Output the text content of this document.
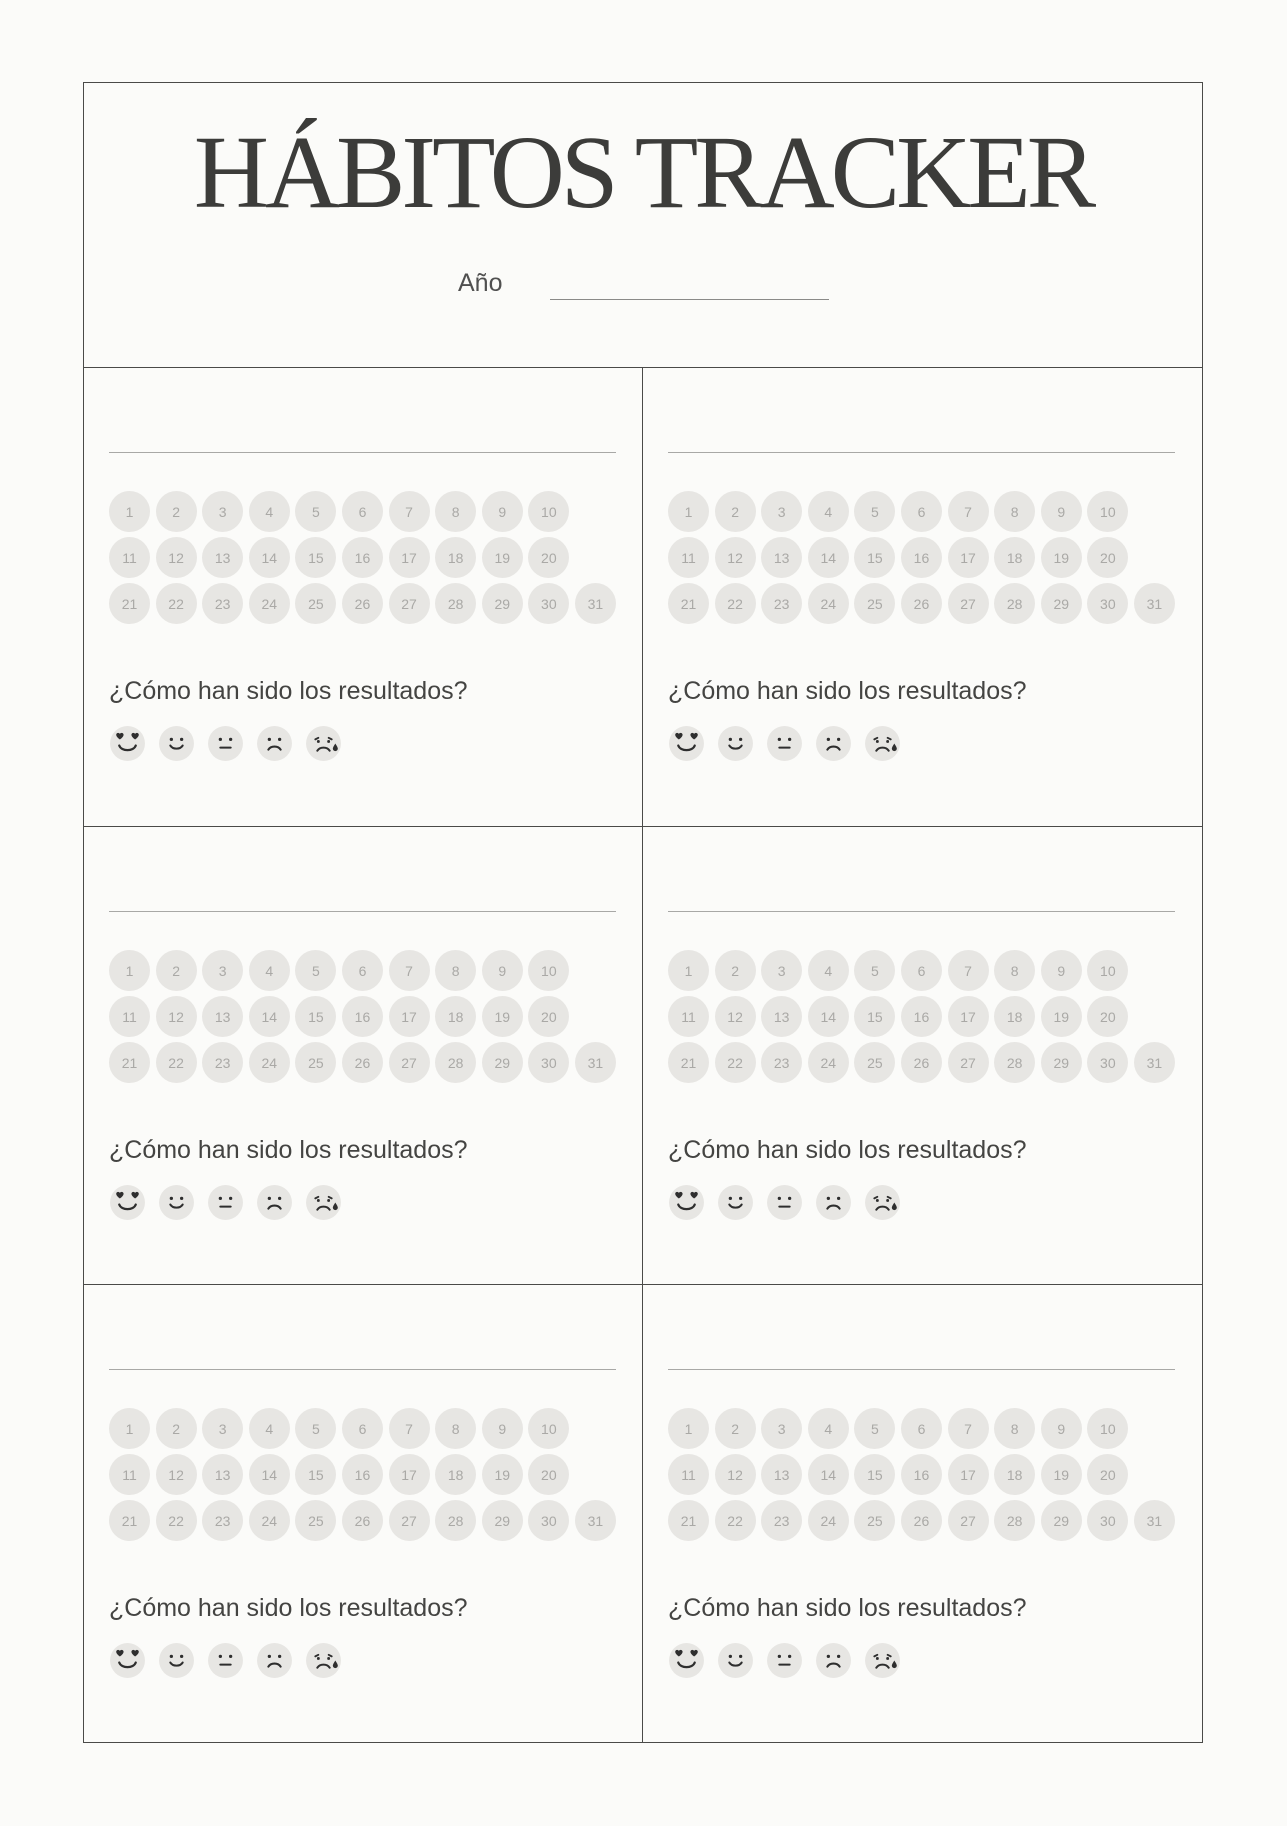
HÁBITOS TRACKER
Año
1	2	3	4	5	6	7	8	9	10
11	12	13	14	15	16	17	18	19	20
21	22	23	24	25	26	27	28	29	30	31
¿Cómo han sido los resultados?
1	2	3	4	5	6	7	8	9	10
11	12	13	14	15	16	17	18	19	20
21	22	23	24	25	26	27	28	29	30	31
¿Cómo han sido los resultados?
1	2	3	4	5	6	7	8	9	10
11	12	13	14	15	16	17	18	19	20
21	22	23	24	25	26	27	28	29	30	31
¿Cómo han sido los resultados?
1	2	3	4	5	6	7	8	9	10
11	12	13	14	15	16	17	18	19	20
21	22	23	24	25	26	27	28	29	30	31
¿Cómo han sido los resultados?
1	2	3	4	5	6	7	8	9	10
11	12	13	14	15	16	17	18	19	20
21	22	23	24	25	26	27	28	29	30	31
¿Cómo han sido los resultados?
1	2	3	4	5	6	7	8	9	10
11	12	13	14	15	16	17	18	19	20
21	22	23	24	25	26	27	28	29	30	31
¿Cómo han sido los resultados?
